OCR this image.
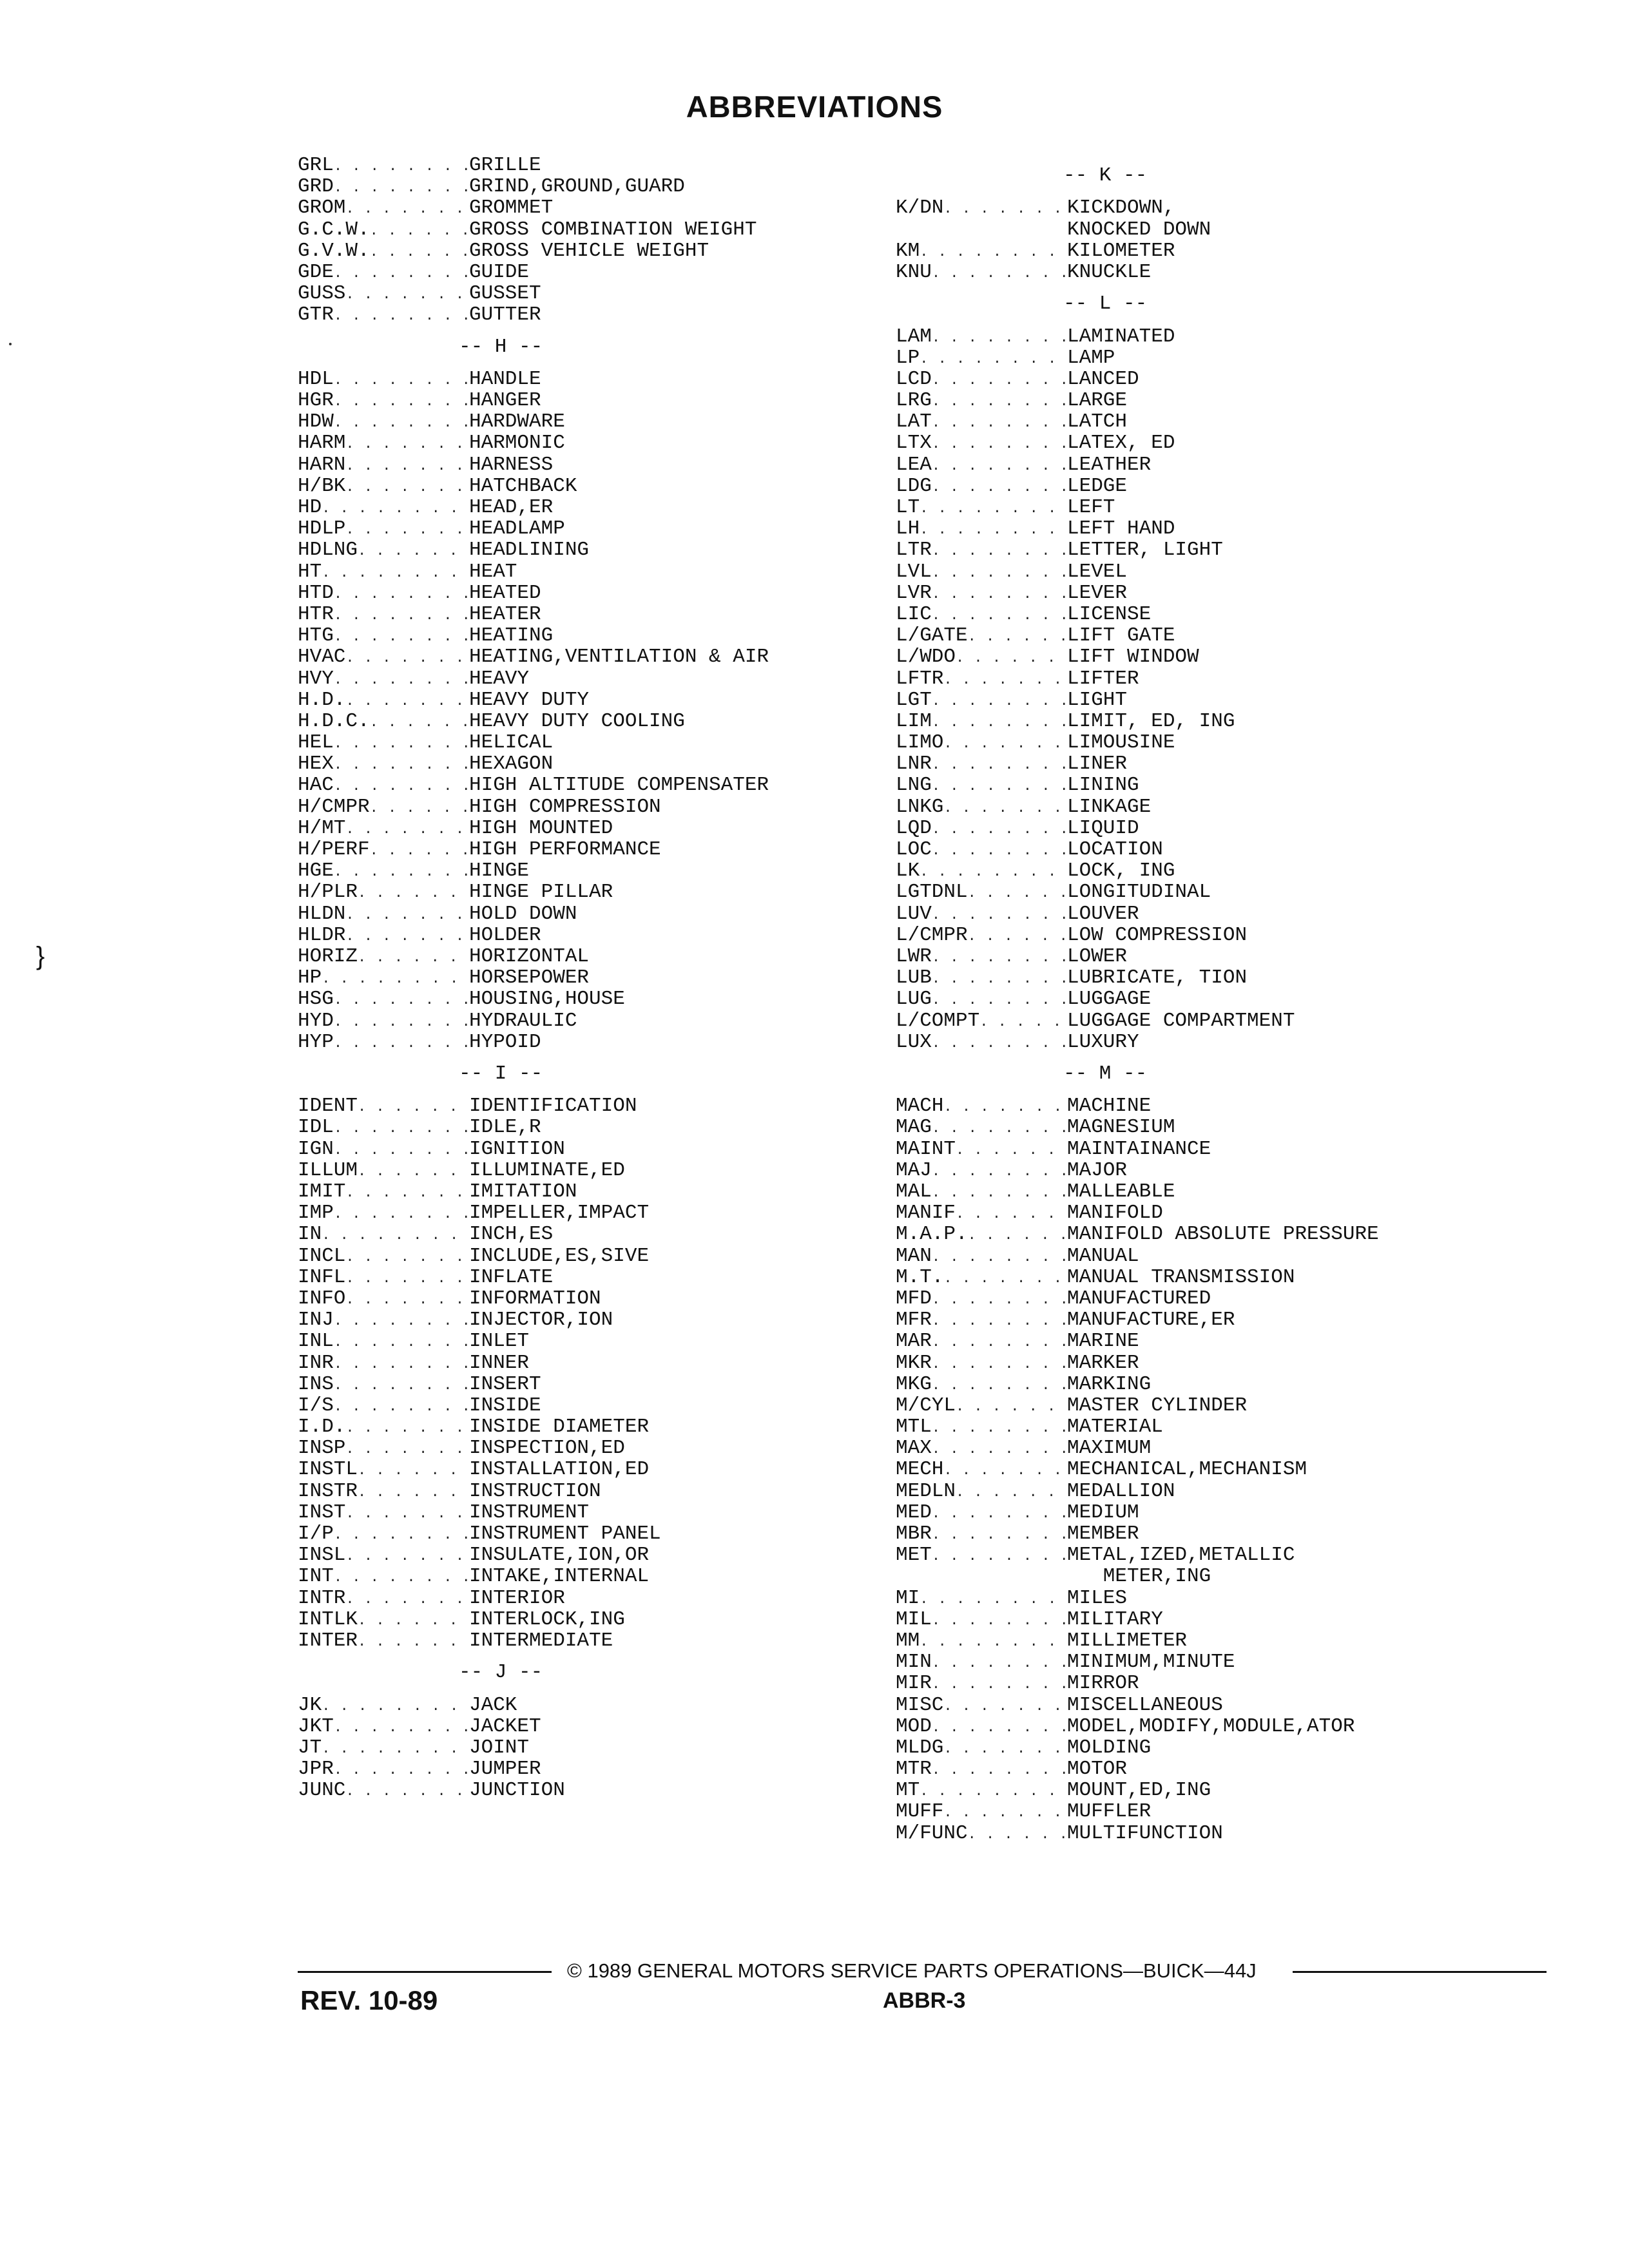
ABBREVIATIONS
GRL . . .	GRILLE
GRD . . .	GRIND,GROUND,GUARD
GROM . . .	GROMMET
G.C.W. . . .	GROSS COMBINATION WEIGHT
G.V.W. . . .	GROSS VEHICLE WEIGHT
GDE . . .	GUIDE
GUSS . . .	GUSSET
GTR . . .	GUTTER
-- H --
HDL . . .	HANDLE
HGR . . .	HANGER
HDW . . .	HARDWARE
HARM . . .	HARMONIC
HARN . . .	HARNESS
H/BK . . .	HATCHBACK
HD . . .	HEAD,ER
HDLP . . .	HEADLAMP
HDLNG . . .	HEADLINING
HT . . .	HEAT
HTD . . .	HEATED
HTR . . .	HEATER
HTG . . .	HEATING
HVAC . . .	HEATING,VENTILATION & AIR
HVY . . .	HEAVY
H.D. . . .	HEAVY DUTY
H.D.C. . . .	HEAVY DUTY COOLING
HEL . . .	HELICAL
HEX . . .	HEXAGON
HAC . . .	HIGH ALTITUDE COMPENSATER
H/CMPR . . .	HIGH COMPRESSION
H/MT . . .	HIGH MOUNTED
H/PERF . . .	HIGH PERFORMANCE
HGE . . .	HINGE
H/PLR . . .	HINGE PILLAR
HLDN . . .	HOLD DOWN
HLDR . . .	HOLDER
HORIZ . . .	HORIZONTAL
HP . . .	HORSEPOWER
HSG . . .	HOUSING,HOUSE
HYD . . .	HYDRAULIC
HYP . . .	HYPOID
-- I --
IDENT . . .	IDENTIFICATION
IDL . . .	IDLE,R
IGN . . .	IGNITION
ILLUM . . .	ILLUMINATE,ED
IMIT . . .	IMITATION
IMP . . .	IMPELLER,IMPACT
IN . . .	INCH,ES
INCL . . .	INCLUDE,ES,SIVE
INFL . . .	INFLATE
INFO . . .	INFORMATION
INJ . . .	INJECTOR,ION
INL . . .	INLET
INR . . .	INNER
INS . . .	INSERT
I/S . . .	INSIDE
I.D. . . .	INSIDE DIAMETER
INSP . . .	INSPECTION,ED
INSTL . . .	INSTALLATION,ED
INSTR . . .	INSTRUCTION
INST . . .	INSTRUMENT
I/P . . .	INSTRUMENT PANEL
INSL . . .	INSULATE,ION,OR
INT . . .	INTAKE,INTERNAL
INTR . . .	INTERIOR
INTLK . . .	INTERLOCK,ING
INTER . . .	INTERMEDIATE
-- J --
JK . . .	JACK
JKT . . .	JACKET
JT . . .	JOINT
JPR . . .	JUMPER
JUNC . . .	JUNCTION
-- K --
K/DN . . .	KICKDOWN,
KNOCKED DOWN
KM . . .	KILOMETER
KNU . . .	KNUCKLE
-- L --
LAM . . .	LAMINATED
LP . . .	LAMP
LCD . . .	LANCED
LRG . . .	LARGE
LAT . . .	LATCH
LTX . . .	LATEX, ED
LEA . . .	LEATHER
LDG . . .	LEDGE
LT . . .	LEFT
LH . . .	LEFT HAND
LTR . . .	LETTER, LIGHT
LVL . . .	LEVEL
LVR . . .	LEVER
LIC . . .	LICENSE
L/GATE . . .	LIFT GATE
L/WDO . . .	LIFT WINDOW
LFTR . . .	LIFTER
LGT . . .	LIGHT
LIM . . .	LIMIT, ED, ING
LIMO . . .	LIMOUSINE
LNR . . .	LINER
LNG . . .	LINING
LNKG . . .	LINKAGE
LQD . . .	LIQUID
LOC . . .	LOCATION
LK . . .	LOCK, ING
LGTDNL . . .	LONGITUDINAL
LUV . . .	LOUVER
L/CMPR . . .	LOW COMPRESSION
LWR . . .	LOWER
LUB . . .	LUBRICATE, TION
LUG . . .	LUGGAGE
L/COMPT . . .	LUGGAGE COMPARTMENT
LUX . . .	LUXURY
-- M --
MACH . . .	MACHINE
MAG . . .	MAGNESIUM
MAINT . . .	MAINTAINANCE
MAJ . . .	MAJOR
MAL . . .	MALLEABLE
MANIF . . .	MANIFOLD
M.A.P. . . .	MANIFOLD ABSOLUTE PRESSURE
MAN . . .	MANUAL
M.T. . . .	MANUAL TRANSMISSION
MFD . . .	MANUFACTURED
MFR . . .	MANUFACTURE,ER
MAR . . .	MARINE
MKR . . .	MARKER
MKG . . .	MARKING
M/CYL . . .	MASTER CYLINDER
MTL . . .	MATERIAL
MAX . . .	MAXIMUM
MECH . . .	MECHANICAL,MECHANISM
MEDLN . . .	MEDALLION
MED . . .	MEDIUM
MBR . . .	MEMBER
MET . . .	METAL,IZED,METALLIC
METER,ING
MI . . .	MILES
MIL . . .	MILITARY
MM . . .	MILLIMETER
MIN . . .	MINIMUM,MINUTE
MIR . . .	MIRROR
MISC . . .	MISCELLANEOUS
MOD . . .	MODEL,MODIFY,MODULE,ATOR
MLDG . . .	MOLDING
MTR . . .	MOTOR
MT . . .	MOUNT,ED,ING
MUFF . . .	MUFFLER
M/FUNC . . .	MULTIFUNCTION
© 1989 GENERAL MOTORS SERVICE PARTS OPERATIONS—BUICK—44J
REV. 10-89	ABBR-3
}
